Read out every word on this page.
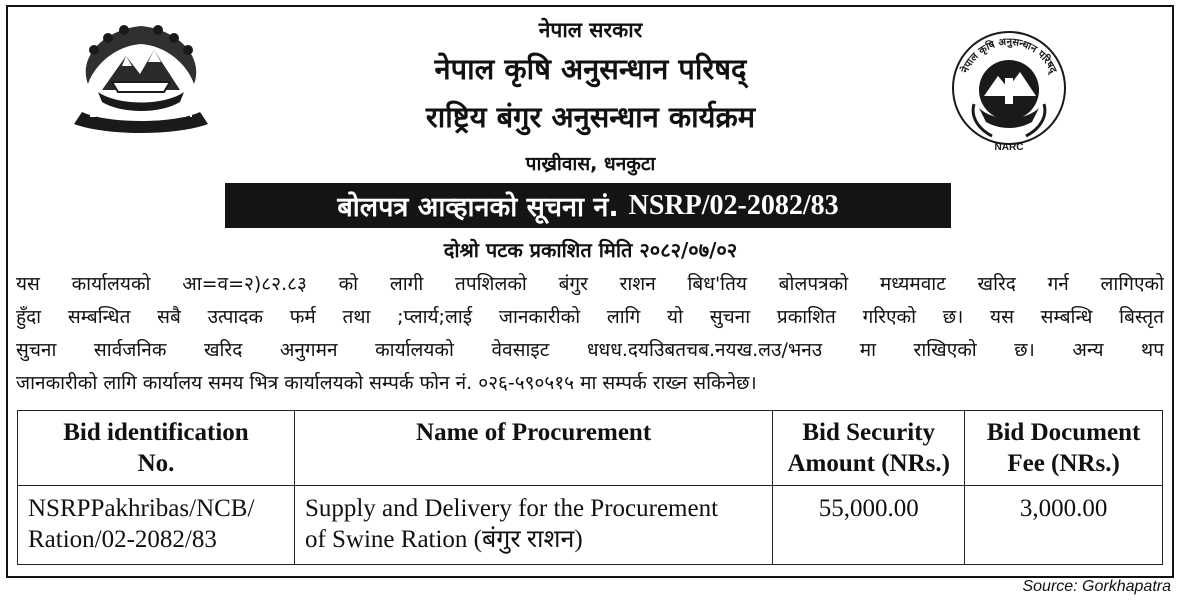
नेपाल कृषि अनुसन्धान परिषद्
NARC
नेपाल सरकार
नेपाल कृषि अनुसन्धान परिषद्
राष्ट्रिय बंगुर अनुसन्धान कार्यक्रम
पाख्रीवास, धनकुटा
बोलपत्र आव्हानको सूचना नं. NSRP/02-2082/83
दोश्रो पटक प्रकाशित मिति २०८२/०७/०२
यस कार्यालयको आ=व=२)८२.८३ को लागी तपशिलको बंगुर राशन बिध'तिय बोलपत्रको मध्यमवाट खरिद गर्न लागिएको
हुँदा सम्बन्धित सबै उत्पादक फर्म तथा ;प्लार्य;लाई जानकारीको लागि यो सुचना प्रकाशित गरिएको छ। यस सम्बन्धि बिस्तृत
सुचना सार्वजनिक खरिद अनुगमन कार्यालयको वेवसाइट धधध.दयउिबतचब.नयख.लउ/भनउ मा राखिएको छ। अन्य थप
जानकारीको लागि कार्यालय समय भित्र कार्यालयको सम्पर्क फोन नं. ०२६-५९०५१५ मा सम्पर्क राख्न सकिनेछ।
Bid identification
No.	Name of Procurement	Bid Security
Amount (NRs.)	Bid Document
Fee (NRs.)
NSRPPakhribas/NCB/
Ration/02-2082/83	Supply and Delivery for the Procurement
of Swine Ration (बंगुर राशन)	55,000.00	3,000.00
Source: Gorkhapatra
